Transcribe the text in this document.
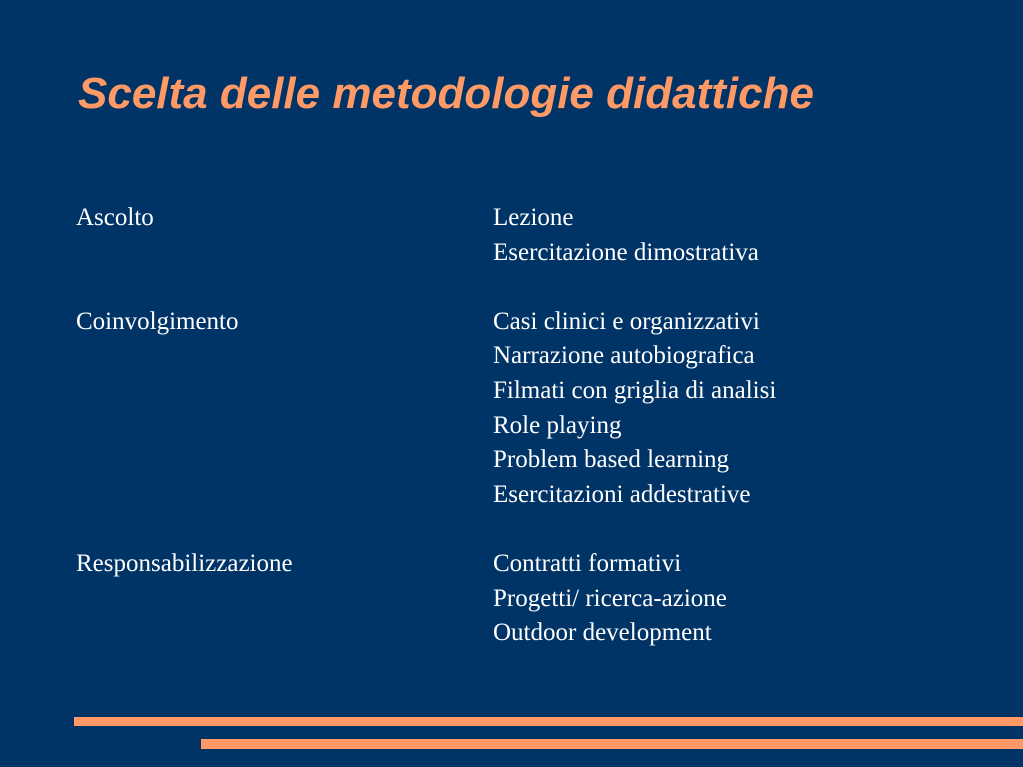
Scelta delle metodologie didattiche
Ascolto	Lezione
Esercitazione dimostrativa
Coinvolgimento	Casi clinici e organizzativi
Narrazione autobiografica
Filmati con griglia di analisi
Role playing
Problem based learning
Esercitazioni addestrative
Responsabilizzazione	Contratti formativi
Progetti/ ricerca-azione
Outdoor development
